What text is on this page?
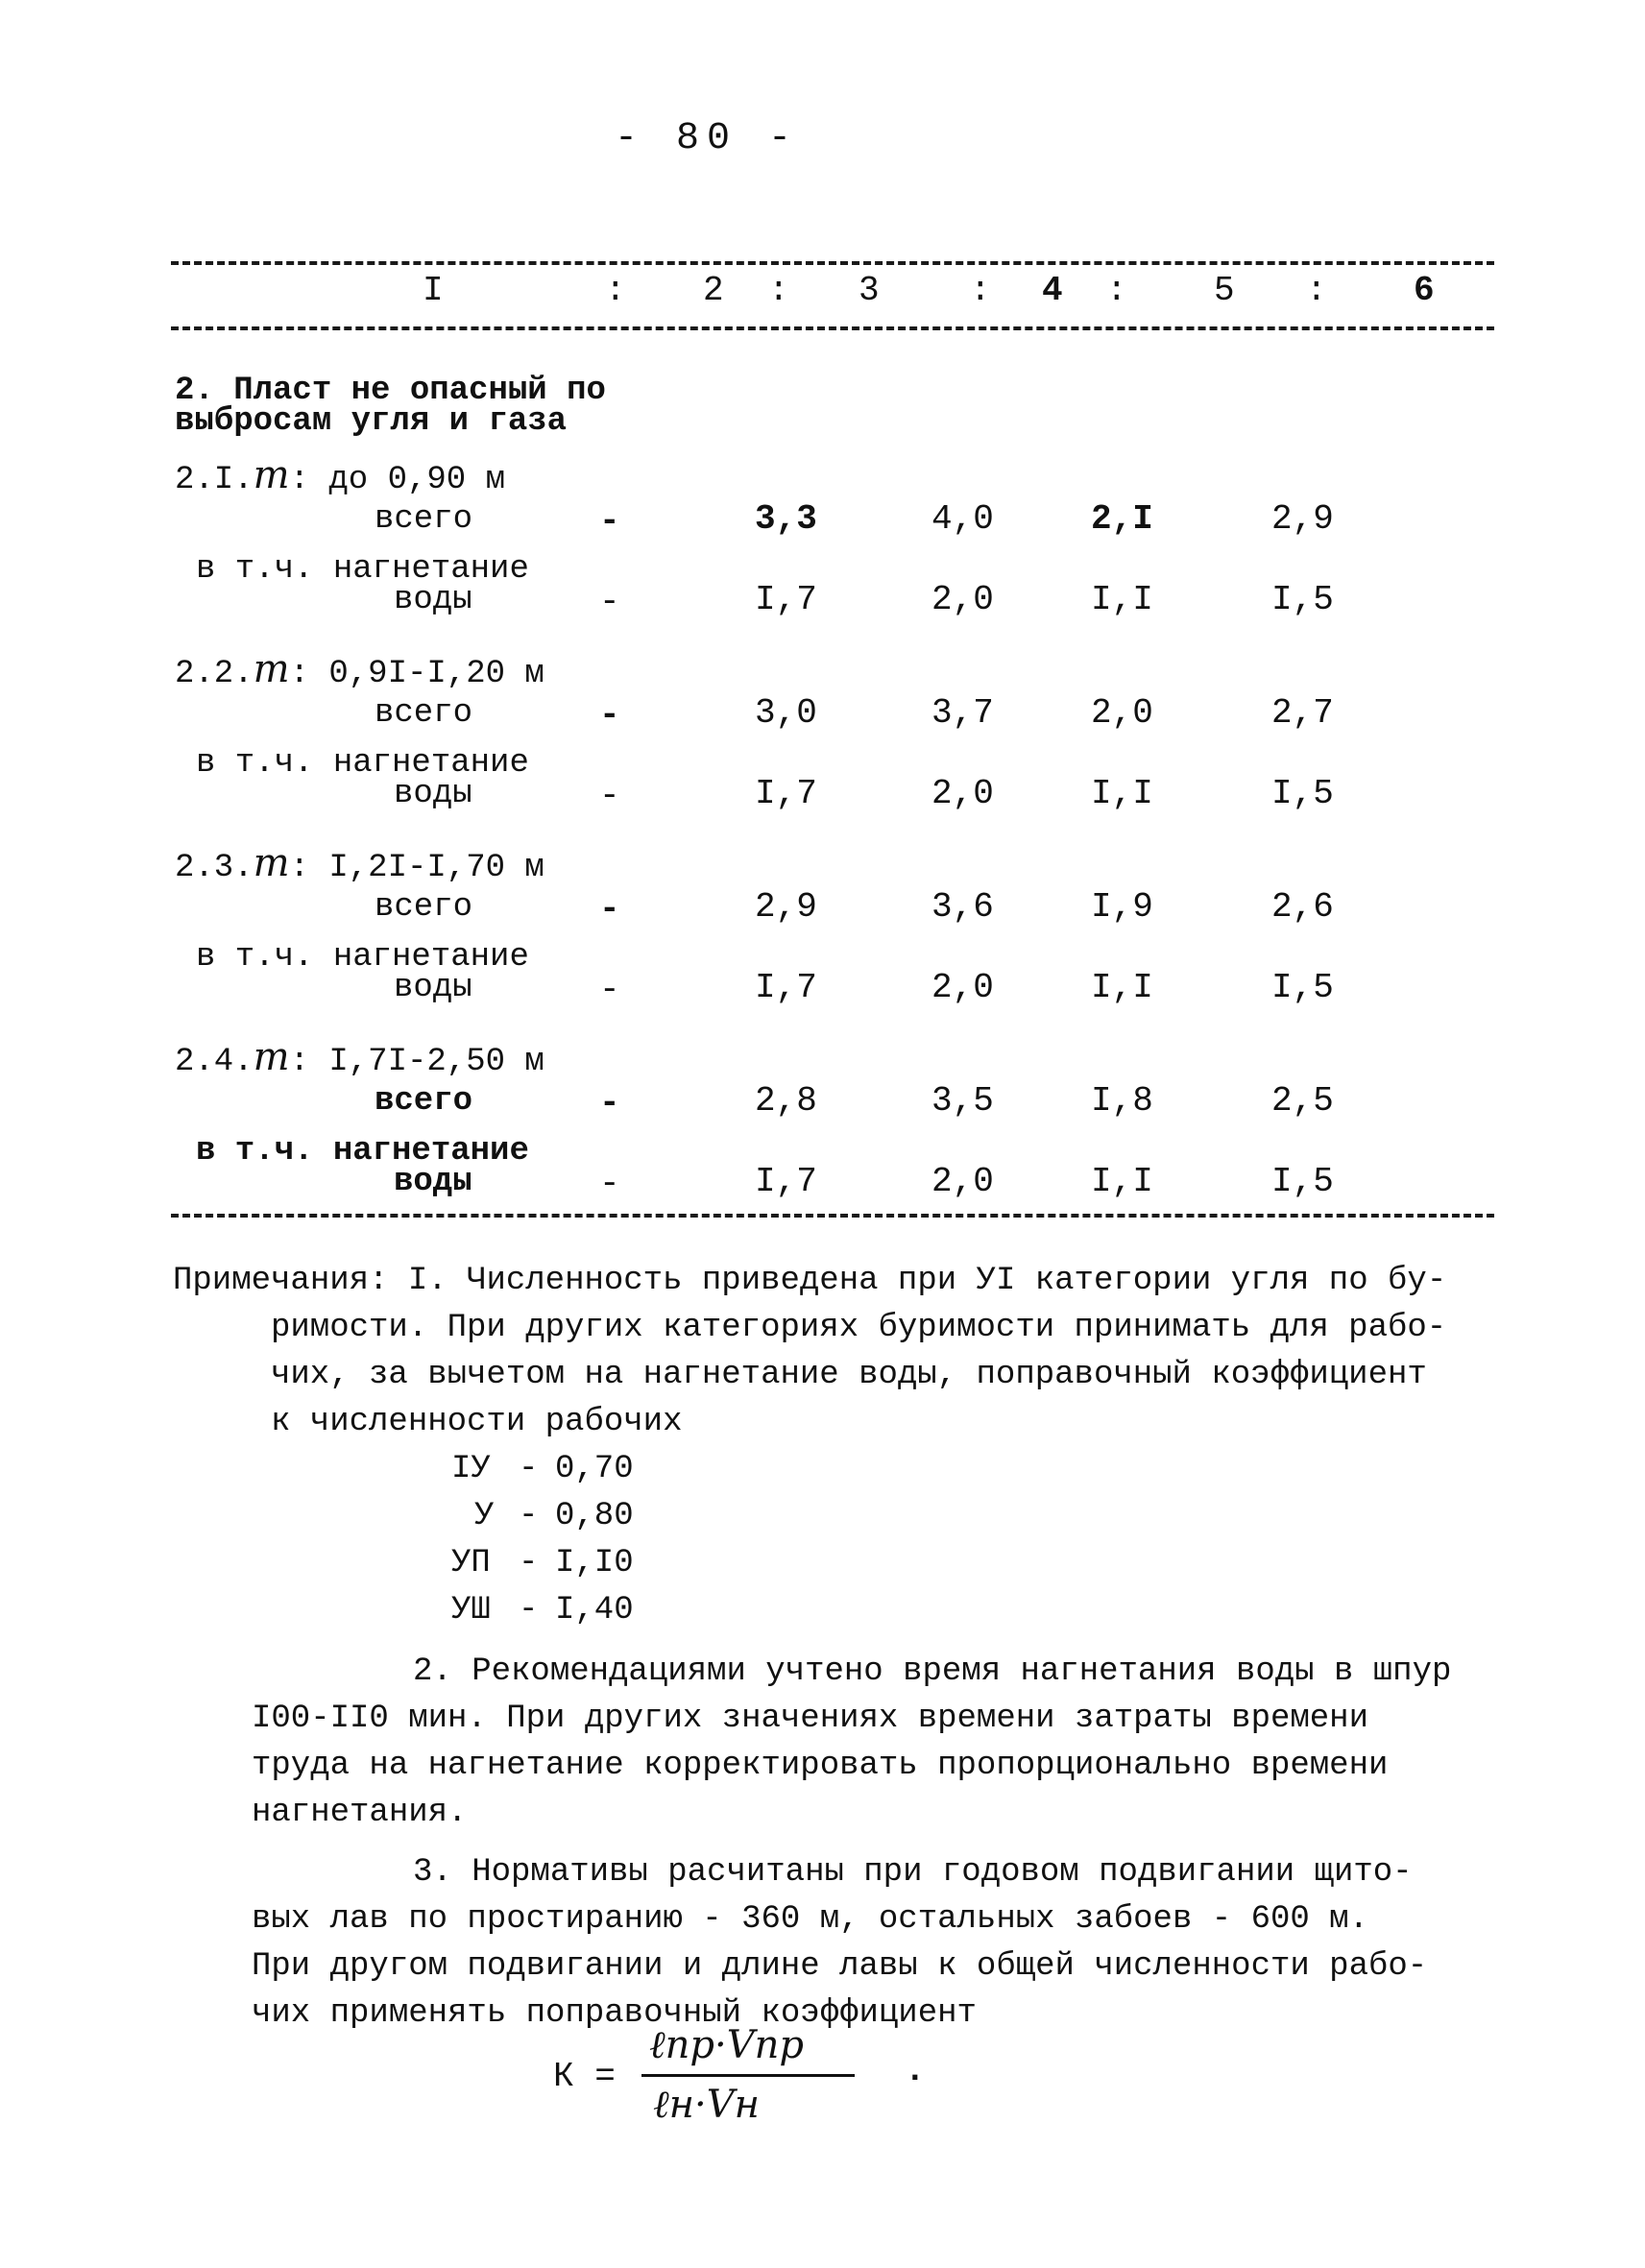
- 80 -
I	: 2 : 3	: 4 :	5 :	6
2. Пласт не опасный по
выбросам угля и газа
2.I.m: до 0,90 м
всего	-	3,3	4,0	2,I	2,9
в т.ч. нагнетание
воды	-	I,7	2,0	I,I	I,5
2.2.m: 0,9I-I,20 м
всего	-	3,0	3,7	2,0	2,7
в т.ч. нагнетание
воды	-	I,7	2,0	I,I	I,5
2.3.m: I,2I-I,70 м
всего	-	2,9	3,6	I,9	2,6
в т.ч. нагнетание
воды	-	I,7	2,0	I,I	I,5
2.4.m: I,7I-2,50 м
всего	-	2,8	3,5	I,8	2,5
в т.ч. нагнетание
воды	-	I,7	2,0	I,I	I,5
Примечания: I. Численность приведена при УI категории угля по бу-
римости. При других категориях буримости принимать для рабо-
чих, за вычетом на нагнетание воды, поправочный коэффициент
к численности рабочих
IУ - 0,70
У - 0,80
УП - I,I0
УШ - I,40
2. Рекомендациями учтено время нагнетания воды в шпур
I00-II0 мин. При других значениях времени затраты времени
труда на нагнетание корректировать пропорционально времени
нагнетания.
3. Нормативы расчитаны при годовом подвигании щито-
вых лав по простиранию - 360 м, остальных забоев - 600 м.
При другом подвигании и длине лавы к общей численности рабо-
чих применять поправочный коэффициент
К =
ℓпр·Vпр
ℓн·Vн
.
